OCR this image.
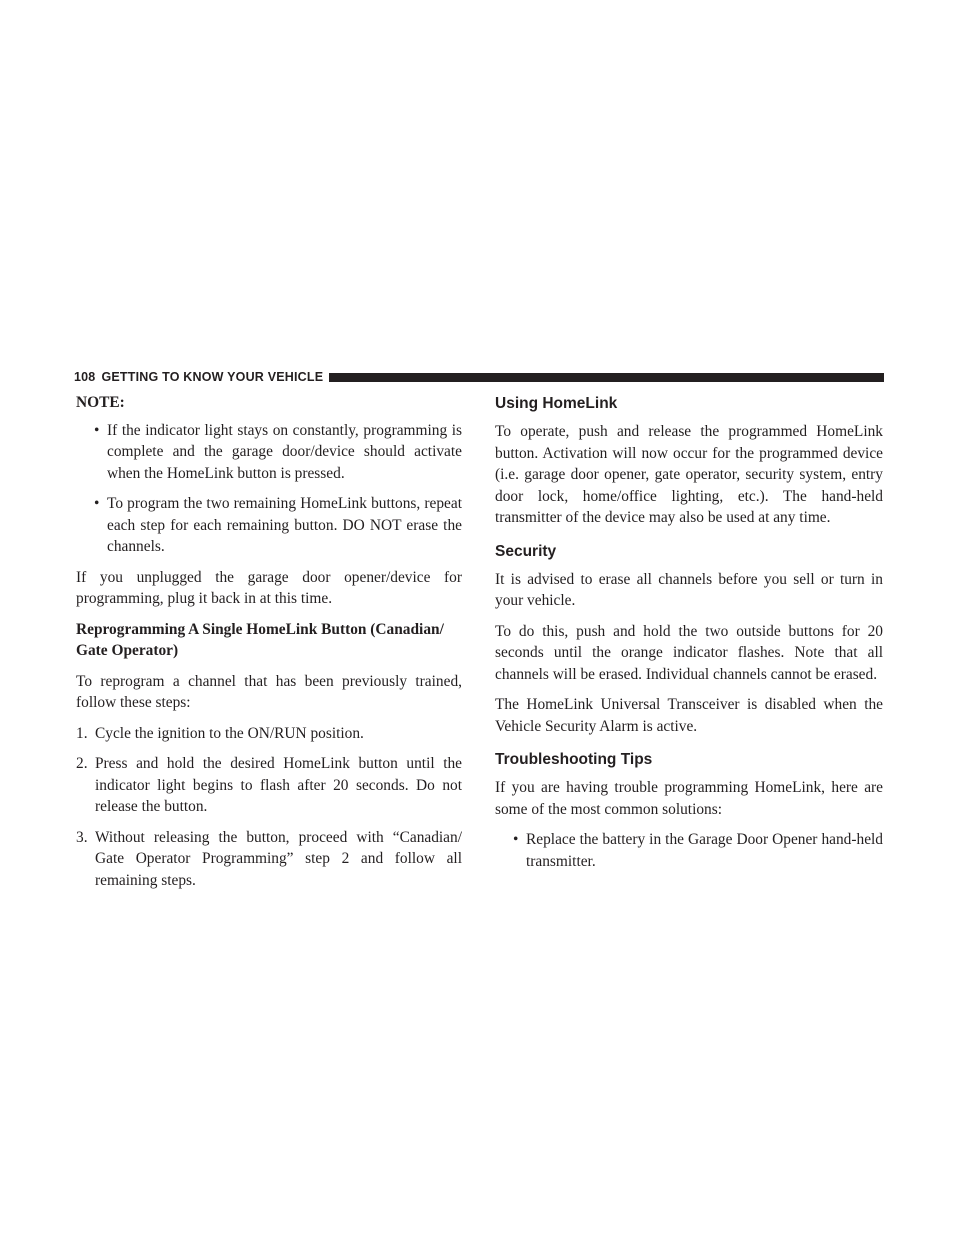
108 GETTING TO KNOW YOUR VEHICLE

NOTE:

• If the indicator light stays on constantly, programming is complete and the garage door/device should activate when the HomeLink button is pressed.
• To program the two remaining HomeLink buttons, repeat each step for each remaining button. DO NOT erase the channels.

If you unplugged the garage door opener/device for programming, plug it back in at this time.

Reprogramming A Single HomeLink Button (Canadian/ Gate Operator)

To reprogram a channel that has been previously trained, follow these steps:

1. Cycle the ignition to the ON/RUN position.
2. Press and hold the desired HomeLink button until the indicator light begins to flash after 20 seconds. Do not release the button.
3. Without releasing the button, proceed with “Canadian/ Gate Operator Programming” step 2 and follow all remaining steps.
Using HomeLink

To operate, push and release the programmed HomeLink button. Activation will now occur for the programmed device (i.e. garage door opener, gate operator, security system, entry door lock, home/office lighting, etc.). The hand-held transmitter of the device may also be used at any time.

Security

It is advised to erase all channels before you sell or turn in your vehicle.

To do this, push and hold the two outside buttons for 20 seconds until the orange indicator flashes. Note that all channels will be erased. Individual channels cannot be erased.

The HomeLink Universal Transceiver is disabled when the Vehicle Security Alarm is active.

Troubleshooting Tips

If you are having trouble programming HomeLink, here are some of the most common solutions:

• Replace the battery in the Garage Door Opener hand-held transmitter.
